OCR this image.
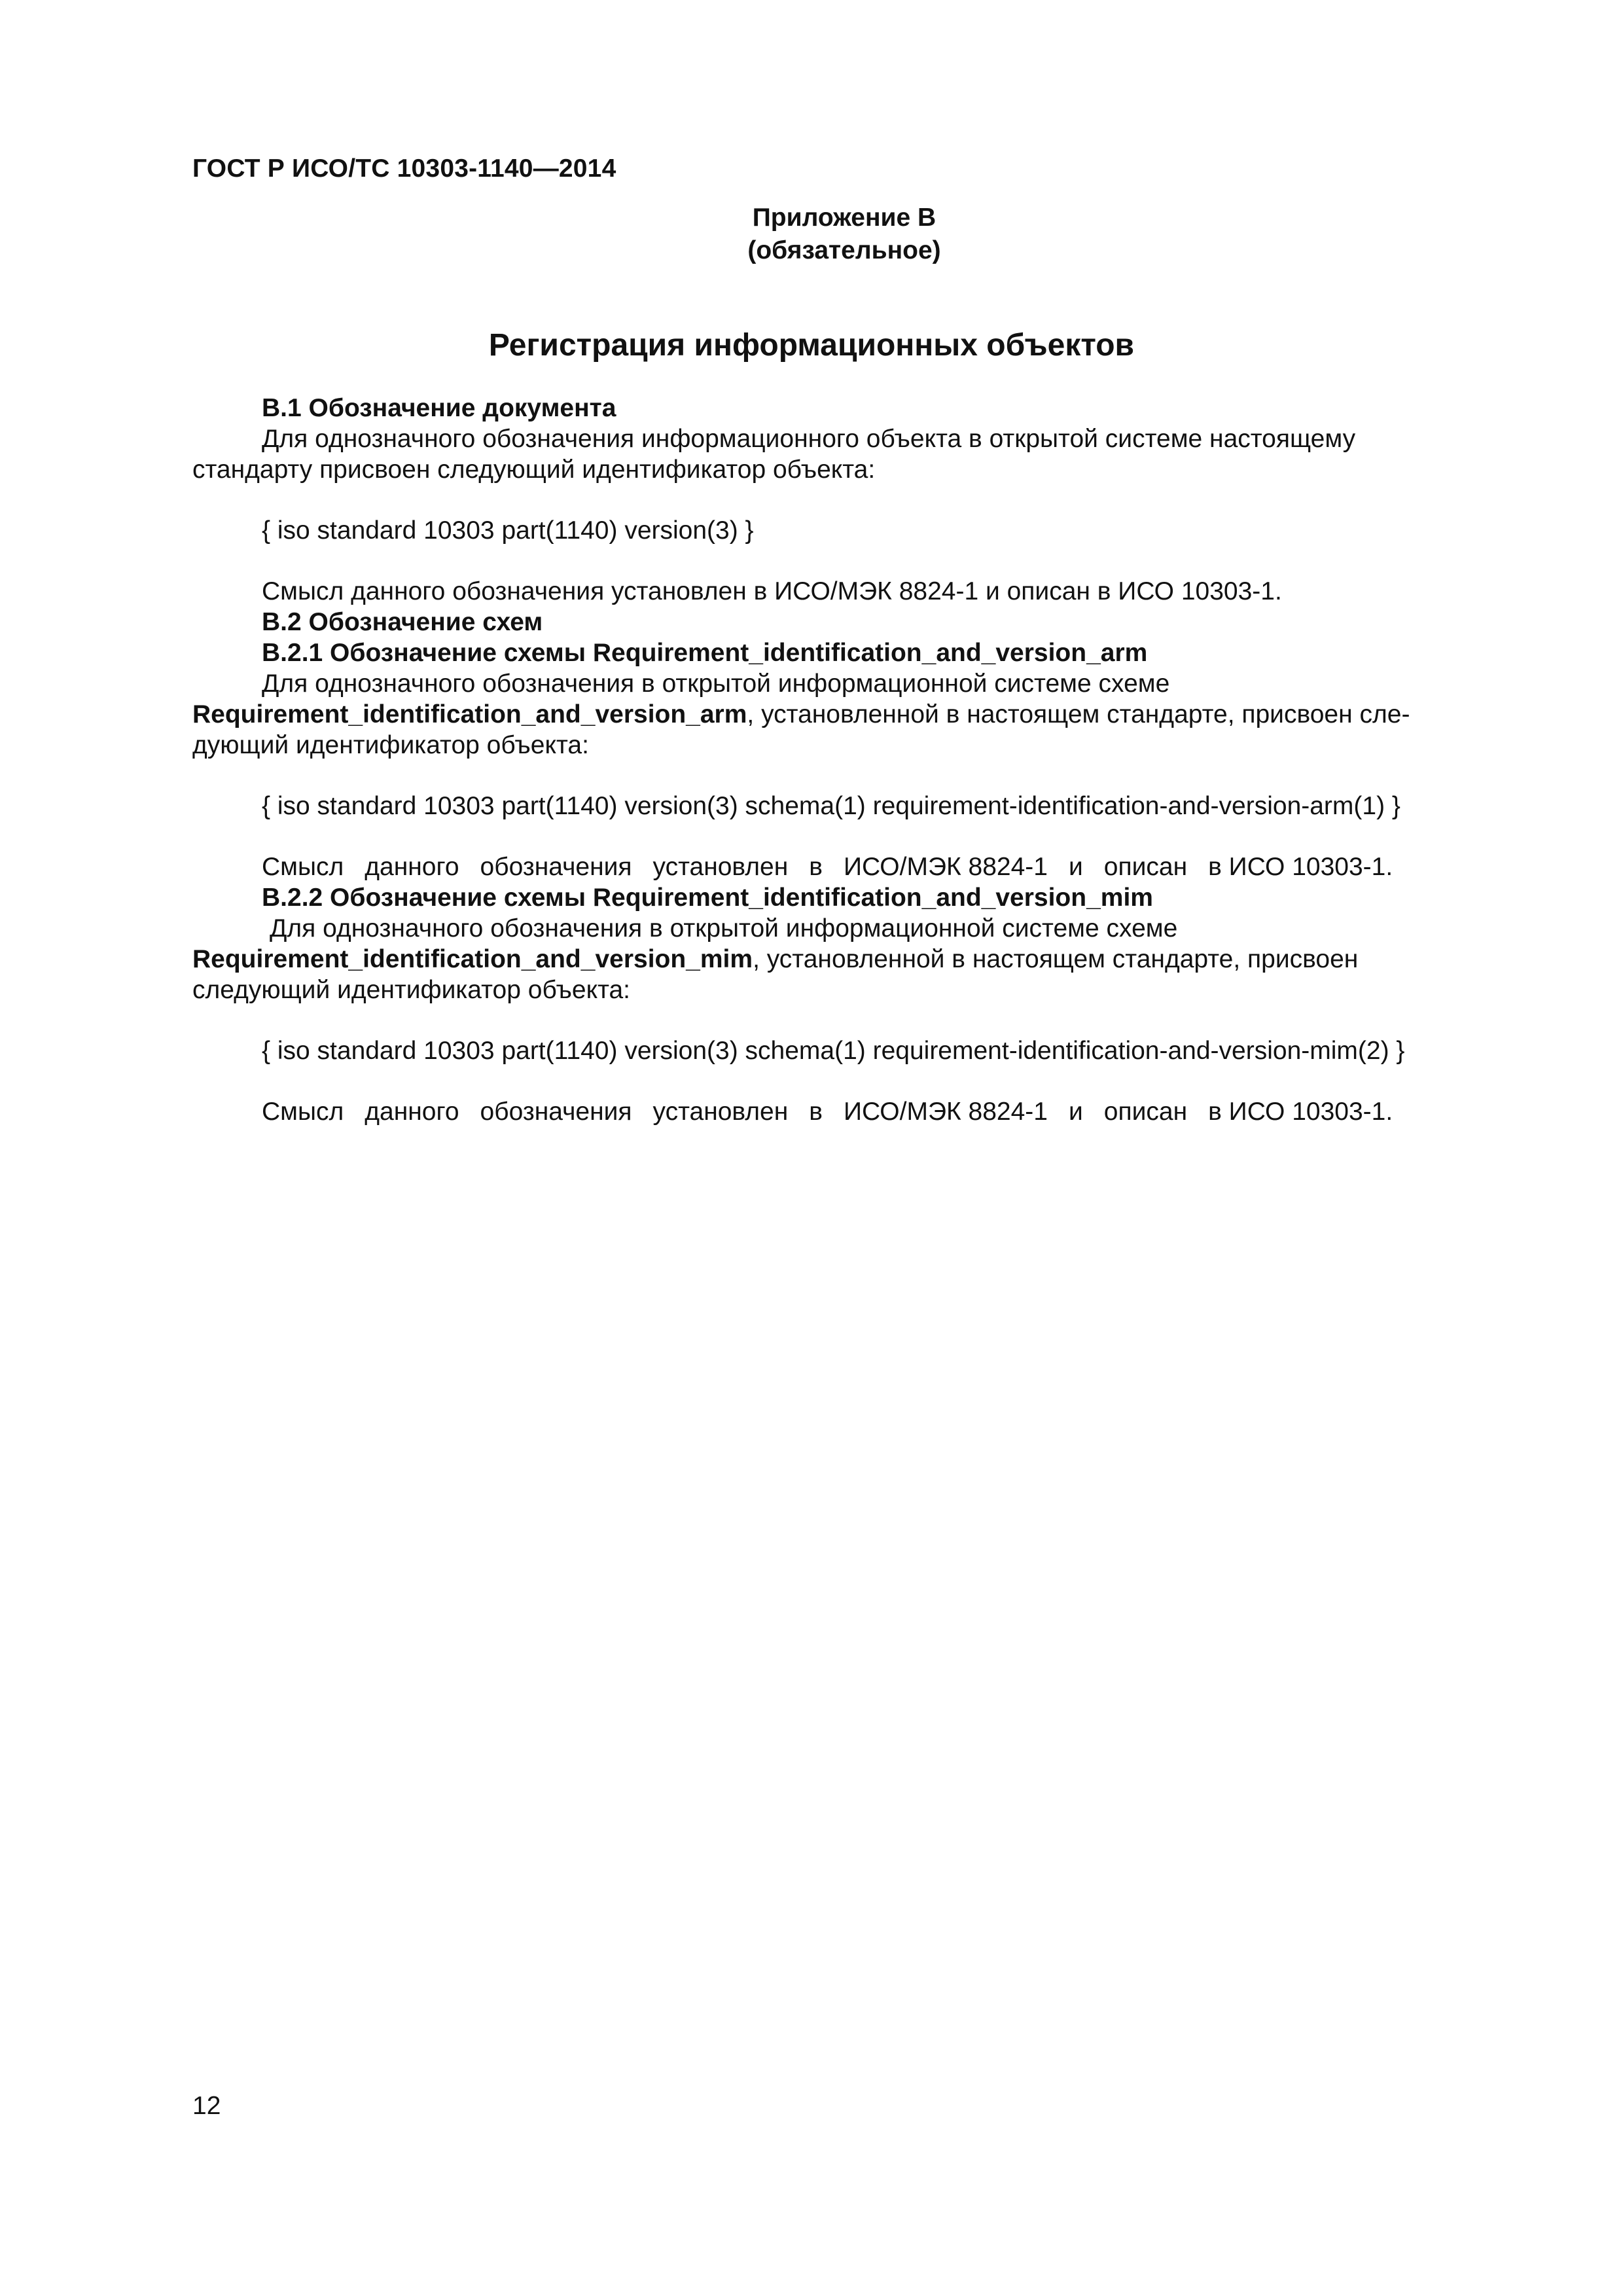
ГОСТ Р ИСО/ТС 10303-1140—2014
Приложение В
(обязательное)
Регистрация информационных объектов
В.1 Обозначение документа
Для однозначного обозначения информационного объекта в открытой системе настоящему
стандарту присвоен следующий идентификатор объекта:
{ iso standard 10303 part(1140) version(3) }
Смысл данного обозначения установлен в ИСО/МЭК 8824-1 и описан в ИСО 10303-1.
В.2 Обозначение схем
В.2.1 Обозначение схемы Requirement_identification_and_version_arm
Для однозначного обозначения в открытой информационной системе схеме
Requirement_identification_and_version_arm, установленной в настоящем стандарте, присвоен сле-
дующий идентификатор объекта:
{ iso standard 10303 part(1140) version(3) schema(1) requirement-identification-and-version-arm(1) }
Смысл данного обозначения установлен в ИСО/МЭК 8824-1 и описан в ИСО 10303-1.
В.2.2 Обозначение схемы Requirement_identification_and_version_mim
Для однозначного обозначения в открытой информационной системе схеме
Requirement_identification_and_version_mim, установленной в настоящем стандарте, присвоен
следующий идентификатор объекта:
{ iso standard 10303 part(1140) version(3) schema(1) requirement-identification-and-version-mim(2) }
Смысл данного обозначения установлен в ИСО/МЭК 8824-1 и описан в ИСО 10303-1.
12
